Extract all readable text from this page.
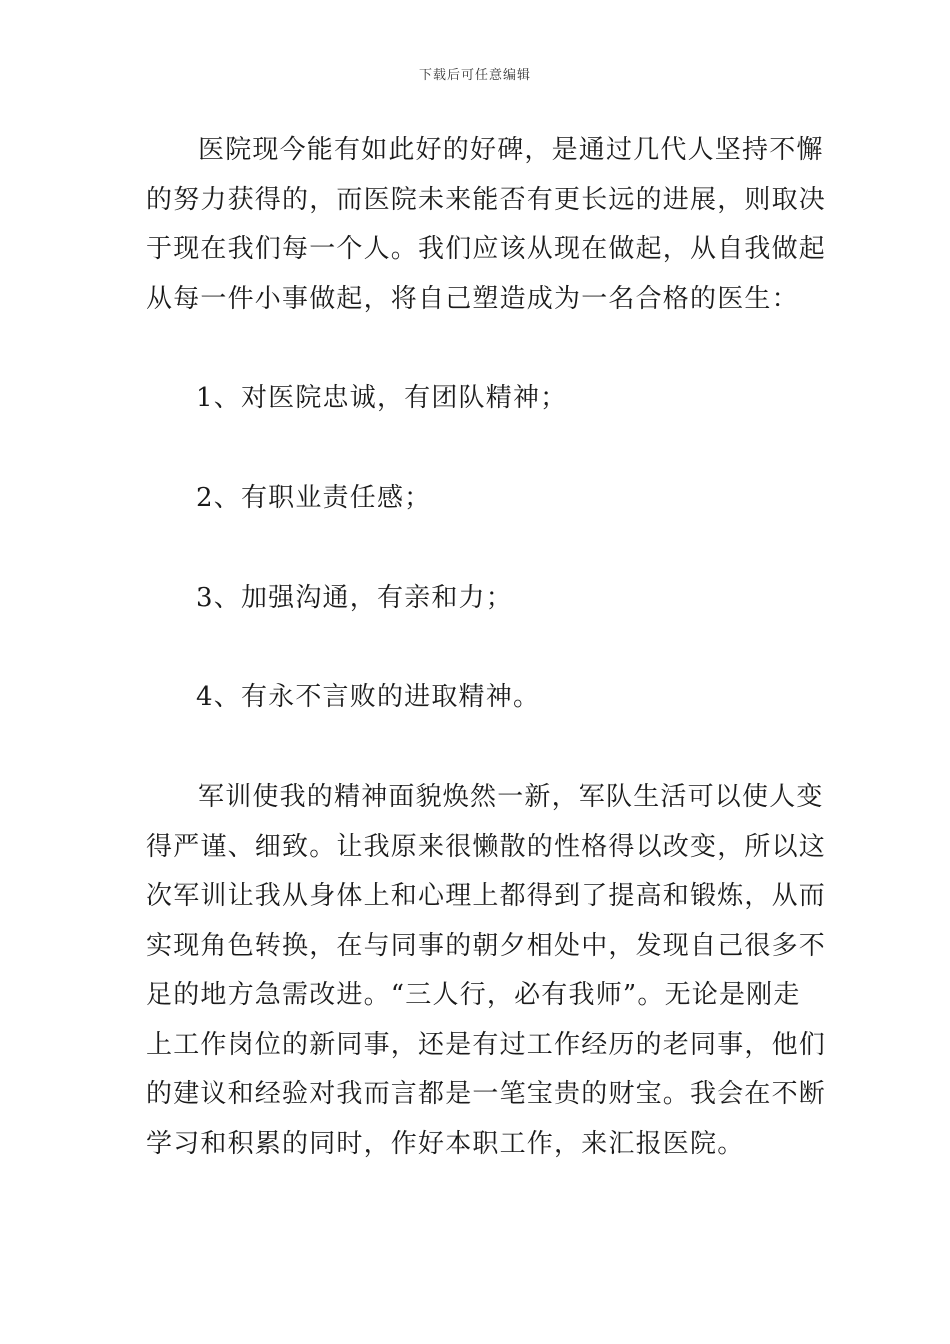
下载后可任意编辑
医院现今能有如此好的好碑，是通过几代人坚持不懈
的努力获得的，而医院未来能否有更长远的进展，则取决
于现在我们每一个人。我们应该从现在做起，从自我做起
从每一件小事做起，将自己塑造成为一名合格的医生：
1、对医院忠诚，有团队精神；
2、有职业责任感；
3、加强沟通，有亲和力；
4、有永不言败的进取精神。
军训使我的精神面貌焕然一新，军队生活可以使人变
得严谨、细致。让我原来很懒散的性格得以改变，所以这
次军训让我从身体上和心理上都得到了提高和锻炼，从而
实现角色转换，在与同事的朝夕相处中，发现自己很多不
足的地方急需改进。“三人行，必有我师”。无论是刚走
上工作岗位的新同事，还是有过工作经历的老同事，他们
的建议和经验对我而言都是一笔宝贵的财宝。我会在不断
学习和积累的同时，作好本职工作，来汇报医院。
